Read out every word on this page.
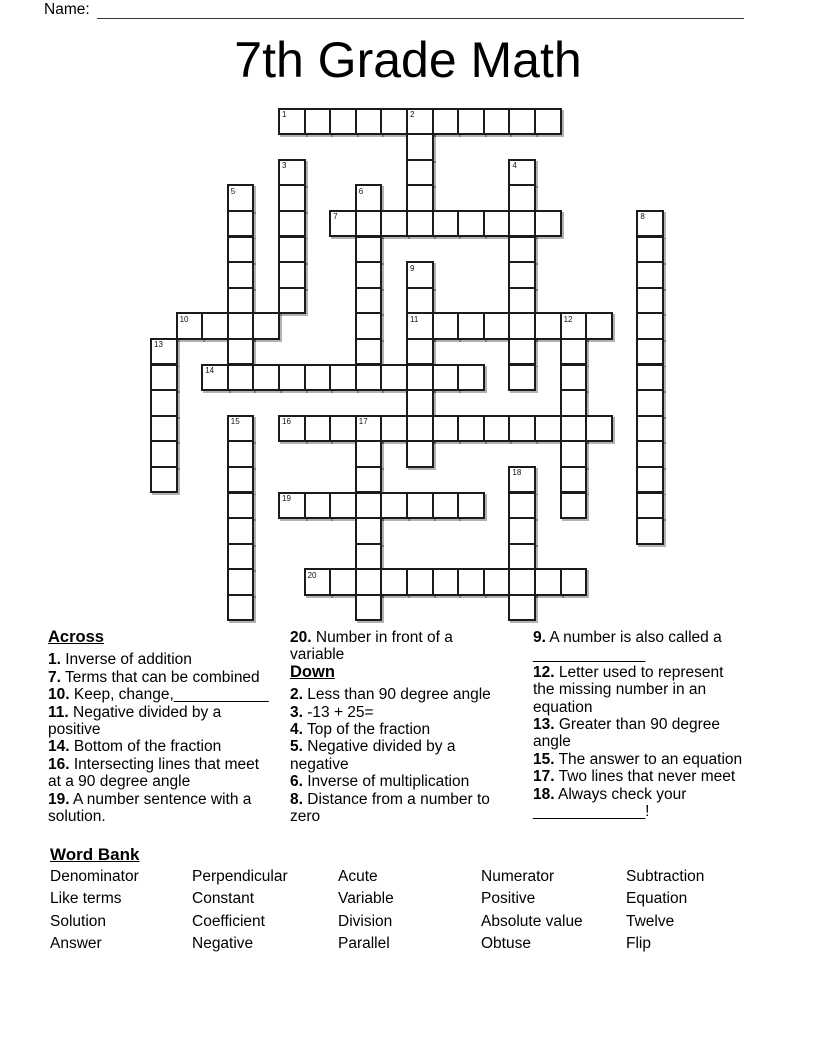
Name:
7th Grade Math
1	2
3	4
5	6
7	8
9
10	11	12
13
14
15	16	17
18
19
20
Across
1. Inverse of addition
7. Terms that can be combined
10. Keep, change,___________
11. Negative divided by a positive
14. Bottom of the fraction
16. Intersecting lines that meet at a 90 degree angle
19. A number sentence with a solution.
20. Number in front of a variable
Down
2. Less than 90 degree angle
3. -13 + 25=
4. Top of the fraction
5. Negative divided by a negative
6. Inverse of multiplication
8. Distance from a number to zero
9. A number is also called a _____________
12. Letter used to represent the missing number in an equation
13. Greater than 90 degree angle
15. The answer to an equation
17. Two lines that never meet
18. Always check your _____________!
Word Bank
Denominator	Perpendicular	Acute	Numerator	Subtraction
Like terms	Constant	Variable	Positive	Equation
Solution	Coefficient	Division	Absolute value	Twelve
Answer	Negative	Parallel	Obtuse	Flip
